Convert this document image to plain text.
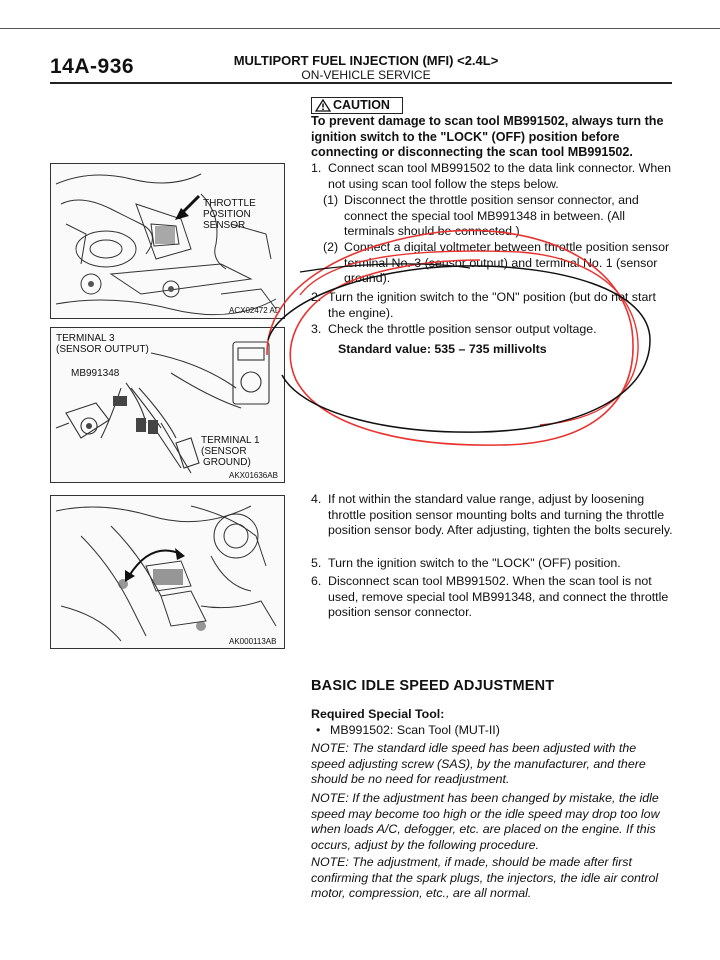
14A-936	MULTIPORT FUEL INJECTION (MFI) <2.4L>
ON-VEHICLE SERVICE
CAUTION
To prevent damage to scan tool MB991502, always turn the ignition switch to the "LOCK" (OFF) position before connecting or disconnecting the scan tool MB991502.
1. Connect scan tool MB991502 to the data link connector. When not using scan tool follow the steps below.
(1) Disconnect the throttle position sensor connector, and connect the special tool MB991348 in between. (All terminals should be connected.)
(2) Connect a digital voltmeter between throttle position sensor terminal No. 3 (sensor output) and terminal No. 1 (sensor ground).
2. Turn the ignition switch to the "ON" position (but do not start the engine).
3. Check the throttle position sensor output voltage.
Standard value: 535 – 735 millivolts
4. If not within the standard value range, adjust by loosening throttle position sensor mounting bolts and turning the throttle position sensor body. After adjusting, tighten the bolts securely.
5. Turn the ignition switch to the "LOCK" (OFF) position.
6. Disconnect scan tool MB991502. When the scan tool is not used, remove special tool MB991348, and connect the throttle position sensor connector.
THROTTLE
POSITION
SENSOR
ACX02472 AD
TERMINAL 3
(SENSOR OUTPUT)
MB991348
TERMINAL 1
(SENSOR
GROUND)
AKX01636AB
AK000113AB
BASIC IDLE SPEED ADJUSTMENT
Required Special Tool:
• MB991502: Scan Tool (MUT-II)
NOTE: The standard idle speed has been adjusted with the speed adjusting screw (SAS), by the manufacturer, and there should be no need for readjustment.
NOTE: If the adjustment has been changed by mistake, the idle speed may become too high or the idle speed may drop too low when loads A/C, defogger, etc. are placed on the engine. If this occurs, adjust by the following procedure.
NOTE: The adjustment, if made, should be made after first confirming that the spark plugs, the injectors, the idle air control motor, compression, etc., are all normal.
